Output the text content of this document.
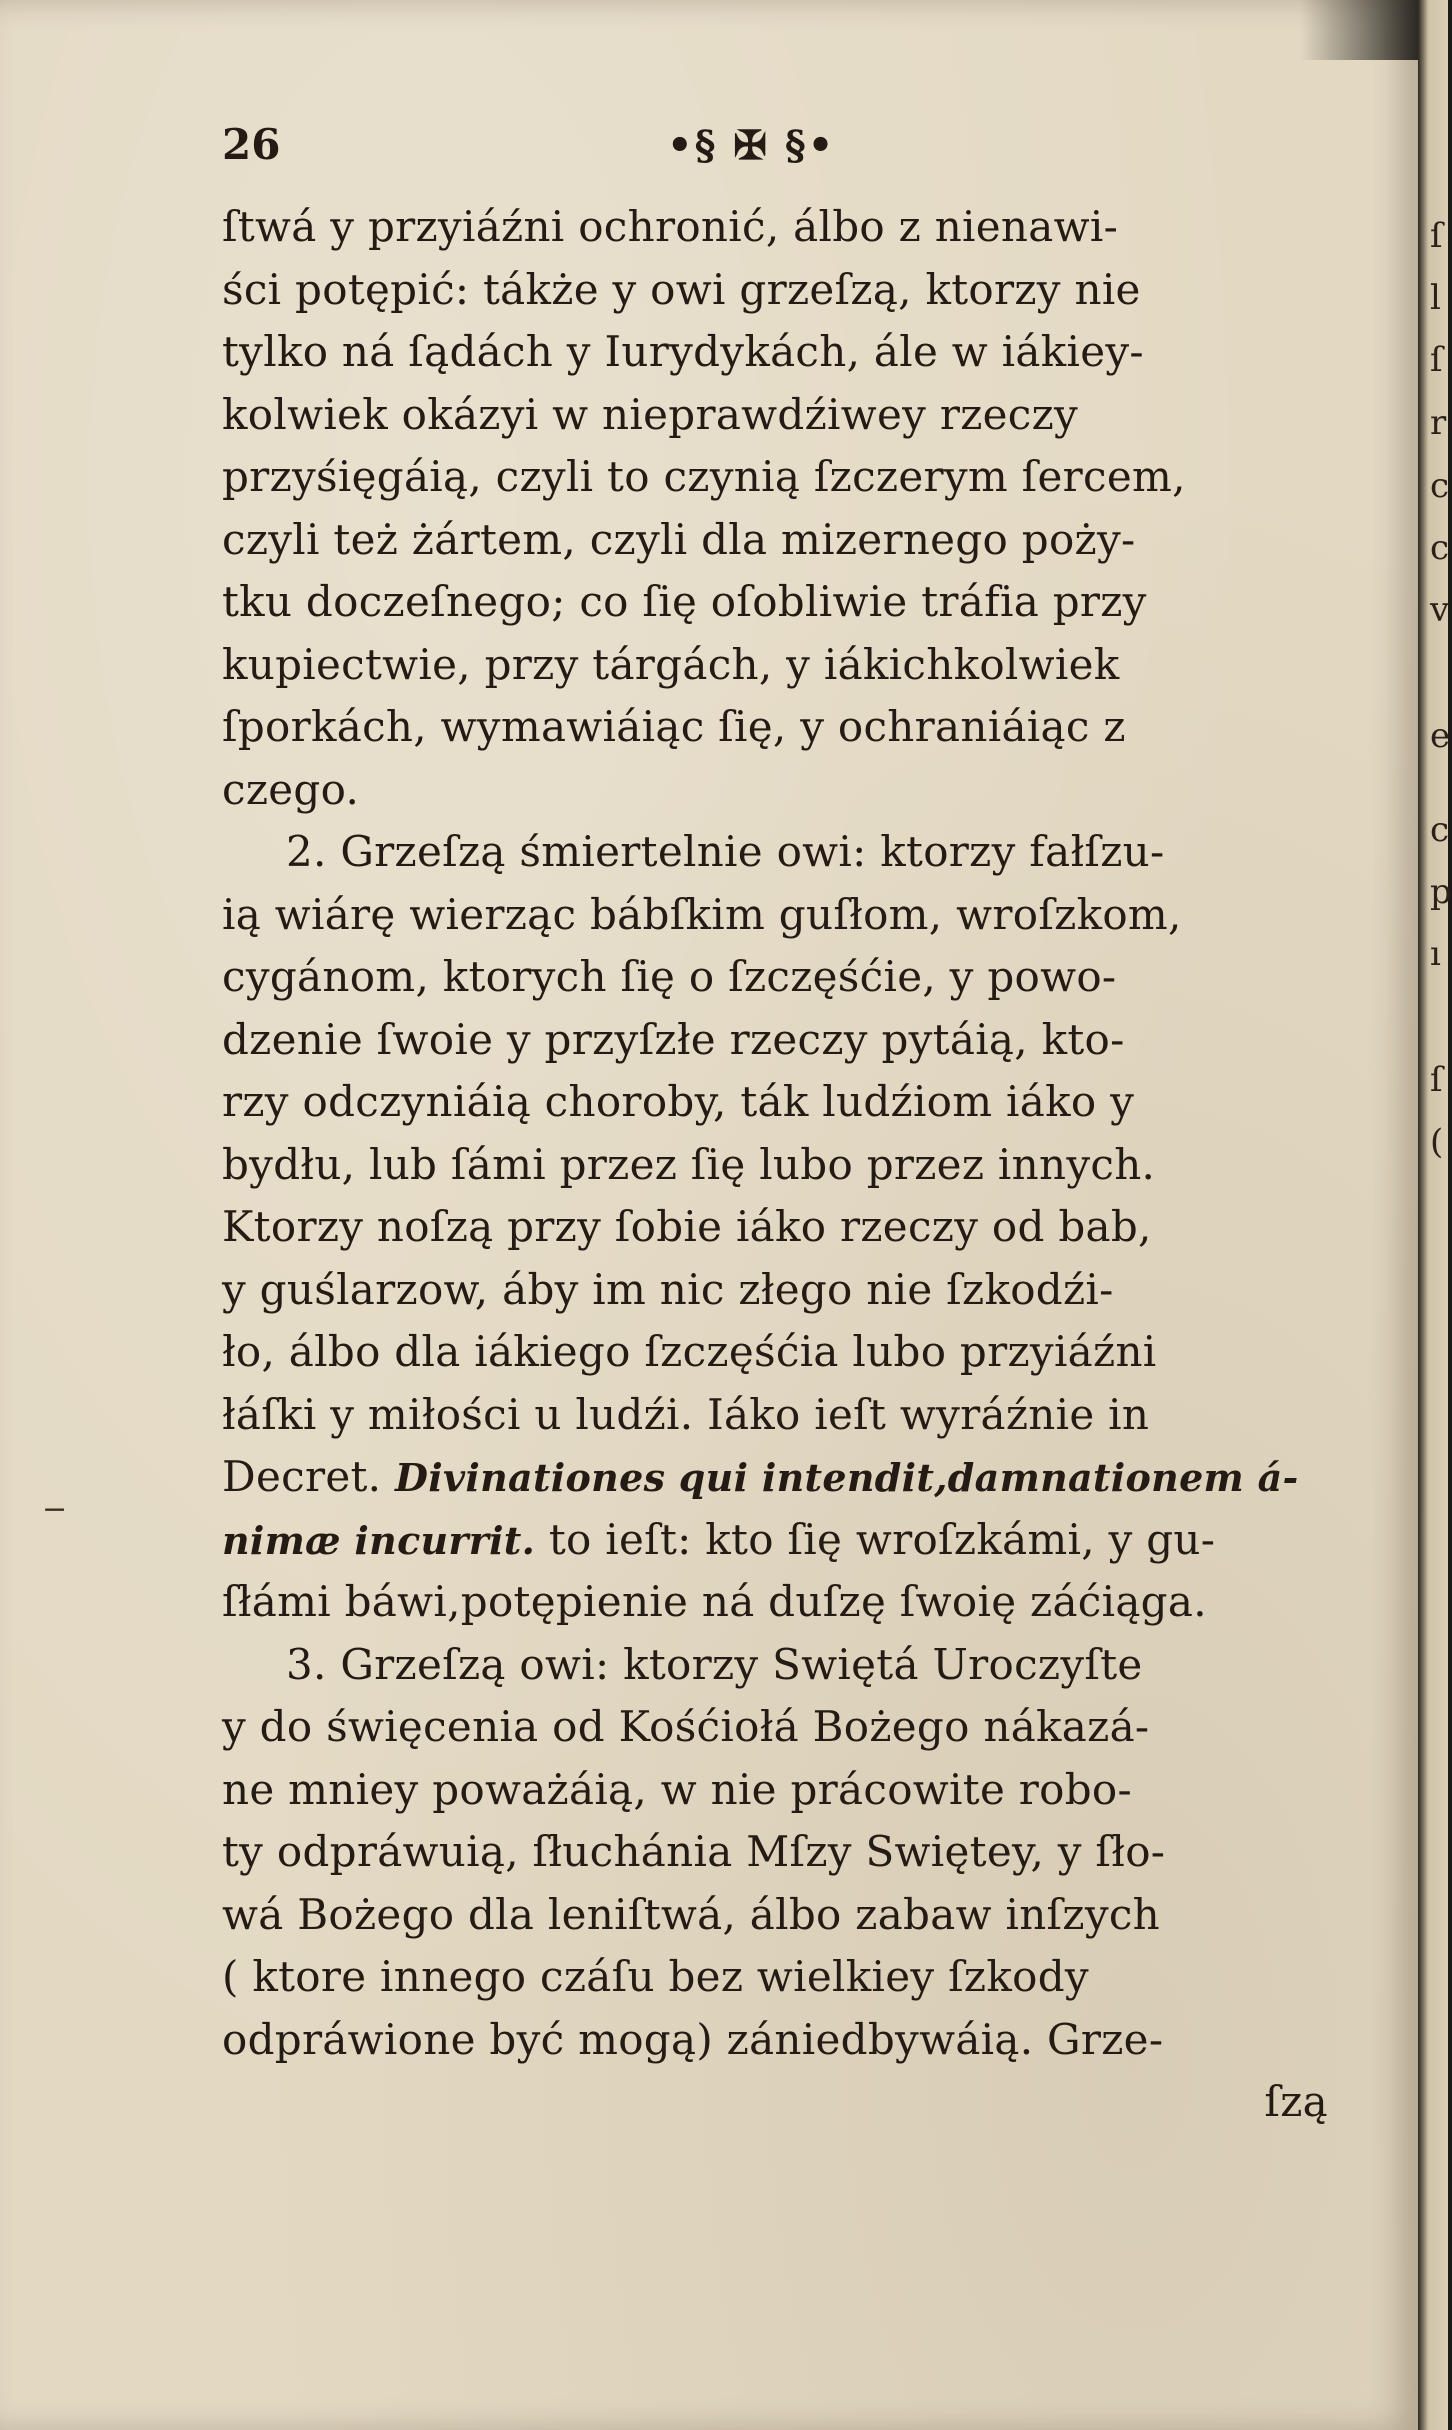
26	•§ ✠ §•
−
ſtwá y przyiáźni ochronić, álbo z nienawi-
ści potępić: tákże y owi grzeſzą, ktorzy nie
tylko ná ſądách y Iurydykách, ále w iákiey-
kolwiek okázyi w nieprawdźiwey rzeczy
przyśięgáią, czyli to czynią ſzczerym ſercem,
czyli też żártem, czyli dla mizernego poży-
tku doczeſnego; co ſię oſobliwie tráfia przy
kupiectwie, przy tárgách, y iákichkolwiek
ſporkách, wymawiáiąc ſię, y ochraniáiąc z
czego.
2. Grzeſzą śmiertelnie owi: ktorzy fałſzu-
ią wiárę wierząc bábſkim guſłom, wroſzkom,
cygánom, ktorych ſię o ſzczęśćie, y powo-
dzenie ſwoie y przyſzłe rzeczy pytáią, kto-
rzy odczyniáią choroby, ták ludźiom iáko y
bydłu, lub ſámi przez ſię lubo przez innych.
Ktorzy noſzą przy ſobie iáko rzeczy od bab,
y guślarzow, áby im nic złego nie ſzkodźi-
ło, álbo dla iákiego ſzczęśćia lubo przyiáźni
łáſki y miłości u ludźi. Iáko ieſt wyráźnie in
Decret. Divinationes qui intendit,damnationem á-
nimæ incurrit. to ieſt: kto ſię wroſzkámi, y gu-
ſłámi báwi,potępienie ná duſzę ſwoię záćiąga.
3. Grzeſzą owi: ktorzy Swiętá Uroczyſte
y do święcenia od Kośćiołá Bożego nákazá-
ne mniey poważáią, w nie prácowite robo-
ty odpráwuią, ſłuchánia Mſzy Swiętey, y ſło-
wá Bożego dla leniſtwá, álbo zabaw inſzych
( ktore innego czáſu bez wielkiey ſzkody
odpráwione być mogą) zániedbywáią. Grze-
ſzą
ſ
l
ſ
r
c
c
v
e
c
p
ı
ſ
(
